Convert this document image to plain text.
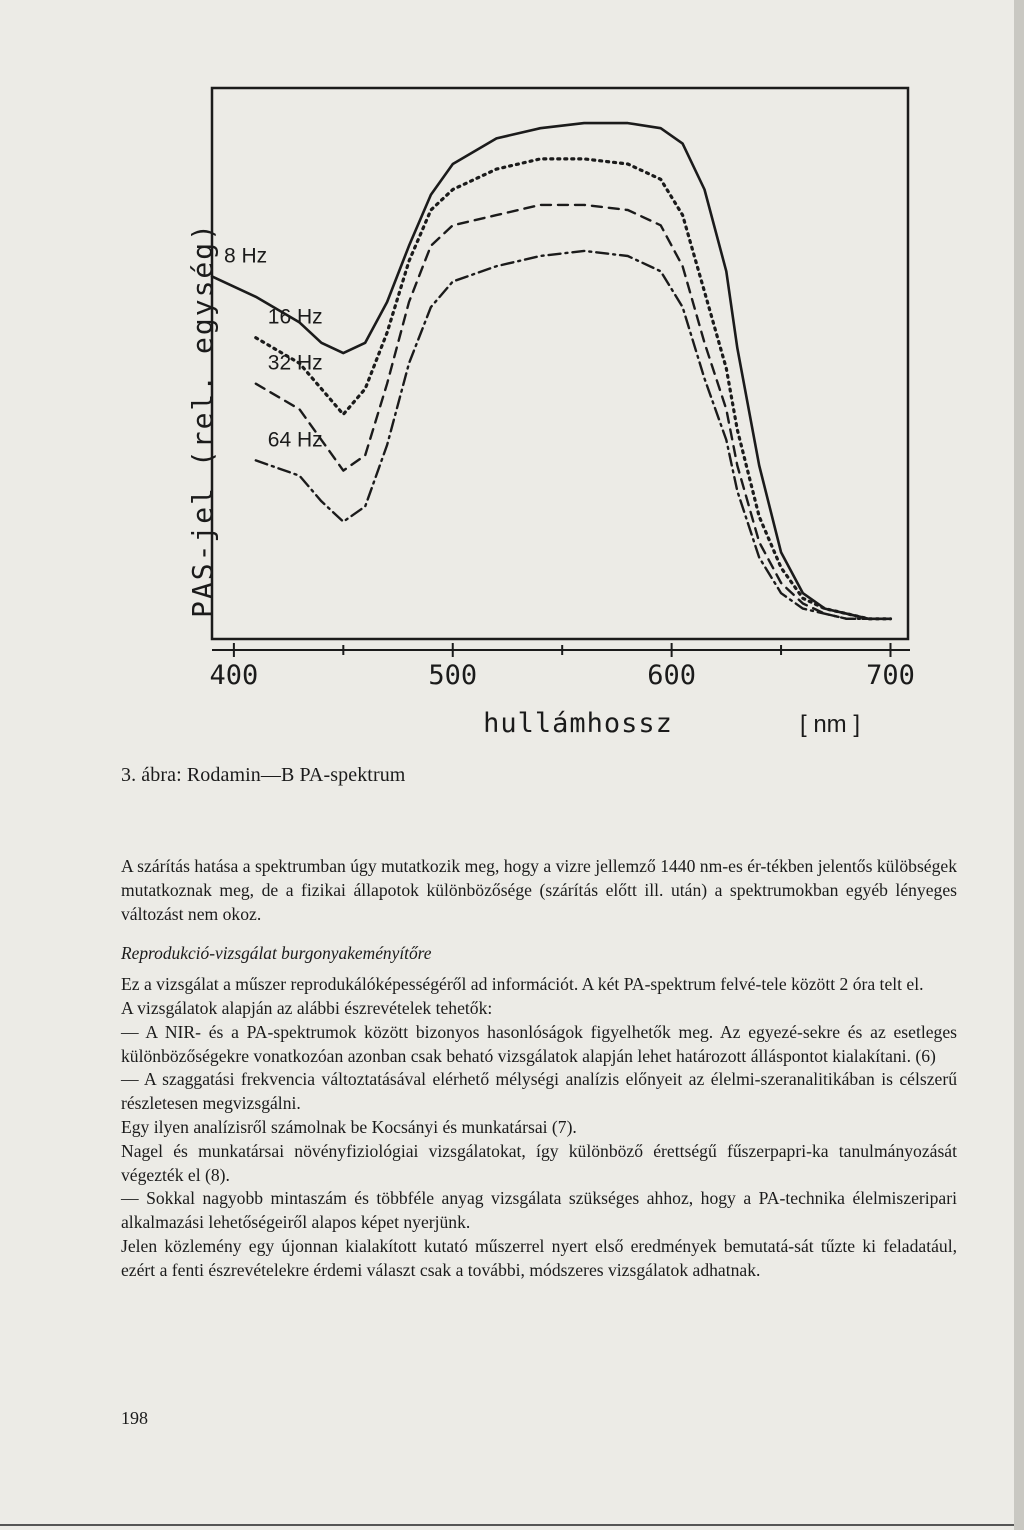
PAS-jel (rel. egység)
400	500	600	700
8 Hz
16 Hz
32 Hz
64 Hz
hullámhossz	[ nm ]
3. ábra: Rodamin—B PA-spektrum

A szárítás hatása a spektrumban úgy mutatkozik meg, hogy a vizre jellemző 1440 nm-es ér-tékben jelentős külöbségek mutatkoznak meg, de a fizikai állapotok különbözősége (szárítás előtt ill. után) a spektrumokban egyéb lényeges változást nem okoz.

Reprodukció-vizsgálat burgonyakeményítőre

Ez a vizsgálat a műszer reprodukálóképességéről ad információt. A két PA-spektrum felvé-tele között 2 óra telt el.

A vizsgálatok alapján az alábbi észrevételek tehetők:

— A NIR- és a PA-spektrumok között bizonyos hasonlóságok figyelhetők meg. Az egyezé-sekre és az esetleges különbözőségekre vonatkozóan azonban csak beható vizsgálatok alapján lehet határozott álláspontot kialakítani. (6)

— A szaggatási frekvencia változtatásával elérhető mélységi analízis előnyeit az élelmi-szeranalitikában is célszerű részletesen megvizsgálni.

Egy ilyen analízisről számolnak be Kocsányi és munkatársai (7).

Nagel és munkatársai növényfiziológiai vizsgálatokat, így különböző érettségű fűszerpapri-ka tanulmányozását végezték el (8).

— Sokkal nagyobb mintaszám és többféle anyag vizsgálata szükséges ahhoz, hogy a PA-technika élelmiszeripari alkalmazási lehetőségeiről alapos képet nyerjünk.

Jelen közlemény egy újonnan kialakított kutató műszerrel nyert első eredmények bemutatá-sát tűzte ki feladatául, ezért a fenti észrevételekre érdemi választ csak a további, módszeres vizsgálatok adhatnak.

198
